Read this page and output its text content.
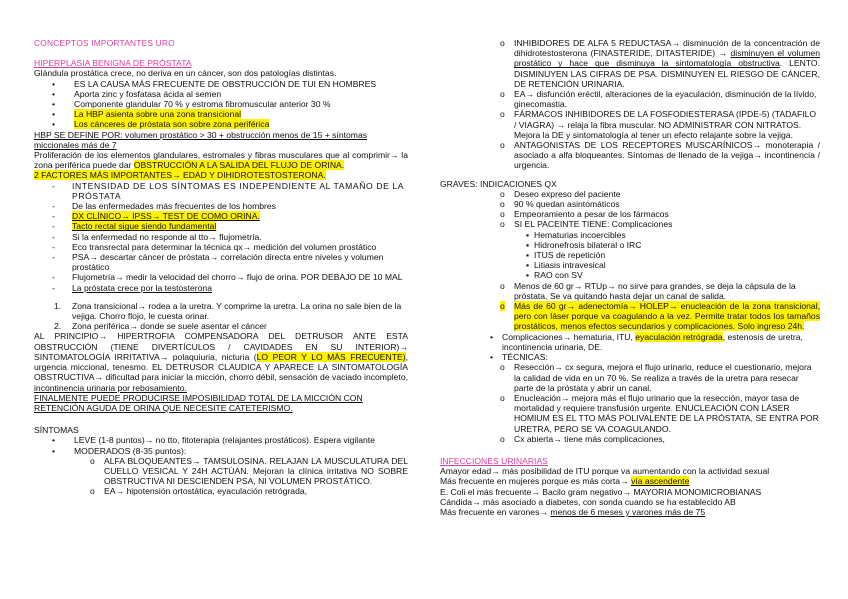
CONCEPTOS IMPORTANTES URO

HIPERPLASIA BENIGNA DE PRÓSTATA

Glándula prostática crece, no deriva en un cáncer, son dos patologías distintas.

• ES LA CAUSA MÁS FRECUENTE DE OBSTRUCCIÓN DE TUI EN HOMBRES
• Aporta zinc y fosfatasa ácida al semen
• Componente glandular 70 % y estroma fibromuscular anterior 30 %
• La HBP asienta sobre una zona transicional
• Los cánceres de próstata son sobre zona periférica

HBP SE DEFINE POR: volumen prostático > 30 + obstrucción menos de 15 + síntomas miccionales más de 7

Proliferación de los elementos glandulares, estromales y fibras musculares que al comprimir→ la zona periférica puede dar OBSTRUCCIÓN A LA SALIDA DEL FLUJO DE ORINA.

2 FACTORES MÁS IMPORTANTES→ EDAD Y DIHIDROTESTOSTERONA.

- INTENSIDAD DE LOS SÍNTOMAS ES INDEPENDIENTE AL TAMAÑO DE LA PRÓSTATA
- De las enfermedades más frecuentes de los hombres
- DX CLÍNICO→ IPSS→ TEST DE COMO ORINA.
- Tacto rectal sigue siendo fundamental
- Si la enfermedad no responde al tto→ flujometría.
- Eco transrectal para determinar la técnica qx→ medición del volumen prostático
- PSA→ descartar cáncer de próstata→ correlación directa entre niveles y volumen prostático
- Flujometría→ medir la velocidad del chorro→ flujo de orina. POR DEBAJO DE 10 MAL
- La próstata crece por la testosterona
1. Zona transicional→ rodea a la uretra. Y comprime la uretra. La orina no sale bien de la vejiga. Chorro flojo, le cuesta orinar.
2. Zona periférica→ donde se suele asentar el cáncer

AL PRINCIPIO→ HIPERTROFIA COMPENSADORA DEL DETRUSOR ANTE ESTA OBSTRUCCIÓN (TIENE DIVERTÍCULOS / CAVIDADES EN SU INTERIOR)→ SINTOMATOLOGÍA IRRITATIVA→ polaquiuria, nicturia (LO PEOR Y LO MÁS FRECUENTE), urgencia miccional, tenesmo. EL DETRUSOR CLAUDICA Y APARECE LA SINTOMATOLOGÍA OBSTRUCTIVA→ dificultad para iniciar la micción, chorro débil, sensación de vaciado incompleto, incontinencia urinaria por rebosamiento.

FINALMENTE PUEDE PRODUCIRSE IMPOSIBILIDAD TOTAL DE LA MICCIÓN CON RETENCIÓN AGUDA DE ORINA QUE NECESITE CATETERISMO.

SÍNTOMAS

• LEVE (1-8 puntos)→ no tto, fitoterapia (relajantes prostáticos). Espera vigilante
• MODERADOS (8-35 puntos):
o ALFA BLOQUEANTES→ TAMSULOSINA. RELAJAN LA MUSCULATURA DEL CUELLO VESICAL Y 24H ACTÚAN. Mejoran la clínica irritativa NO SOBRE OBSTRUCTIVA NI DESCIENDEN PSA, NI VOLUMEN PROSTÁTICO.
o EA→ hipotensión ortostática, eyaculación retrógrada,
o INHIBIDORES DE ALFA 5 REDUCTASA→ disminución de la concentración de dihidrotestosterona (FINASTERIDE, DITASTERIDE) → disminuyen el volumen prostático y hace que disminuya la sintomatología obstructiva. LENTO. DISMINUYEN LAS CIFRAS DE PSA. DISMINUYEN EL RIESGO DE CÁNCER, DE RETENCIÓN URINARIA.
o EA→ disfunción eréctil, alteraciones de la eyaculación, disminución de la lívido, ginecomastia.
o FÁRMACOS INHIBIDORES DE LA FOSFODIESTERASA (IPDE-5) (TADAFILO / VIAGRA) → relaja la fibra muscular. NO ADMINISTRAR CON NITRATOS. Mejora la DE y sintomatología al tener un efecto relajante sobre la vejiga.
o ANTAGONISTAS DE LOS RECEPTORES MUSCARÍNICOS→ monoterapia / asociado a alfa bloqueantes. Síntomas de llenado de la vejiga→ incontinencia / urgencia.

GRAVES: INDICACIONES QX

o Deseo expreso del paciente
o 90 % quedan asintomáticos
o Empeoramiento a pesar de los fármacos
o SI EL PACEINTE TIENE: Complicaciones
▪ Hematurias incoercibles
▪ Hidronefrosis bilateral o IRC
▪ ITUS de repetición
▪ Litiasis intravesical
▪ RAO con SV
o Menos de 60 gr→ RTUp→ no sirve para grandes, se deja la cápsula de la próstata. Se va quitando hasta dejar un canal de salida.
o Más de 60 gr→ adenectomía→ HOLEP→ enucleación de la zona transicional, pero con láser porque va coagulando a la vez. Permite tratar todos los tamaños prostáticos, menos efectos secundarios y complicaciones. Solo ingreso 24h.
• Complicaciones→ hematuria, ITU, eyaculación retrógrada, estenosis de uretra, incontinencia urinaria, DE.
• TÉCNICAS:
o Resección→ cx segura, mejora el flujo urinario, reduce el cuestionario, mejora la calidad de vida en un 70 %. Se realiza a través de la uretra para resecar parte de la próstata y abrir un canal.
o Enucleación→ mejora más el flujo urinario que la resección, mayor tasa de mortalidad y requiere transfusión urgente. ENUCLEACIÓN CON LÁSER HOMIUM ES EL TTO MÁS POLIVALENTE DE LA PRÓSTATA, SE ENTRA POR URETRA, PERO SE VA COAGULANDO.
o Cx abierta→ tiene más complicaciones,

INFECCIONES URINARIAS

Amayor edad→ más posibilidad de ITU porque va aumentando con la actividad sexual

Más frecuente en mujeres porque es más corta→ vía ascendente

E. Coli el más frecuente→ Bacilo gram negativo→ MAYORIA MONOMICROBIANAS

Cándida→ más asociado a diabetes, con sonda cuando se ha establecido AB

Más frecuente en varones→ menos de 6 meses y varones más de 75
